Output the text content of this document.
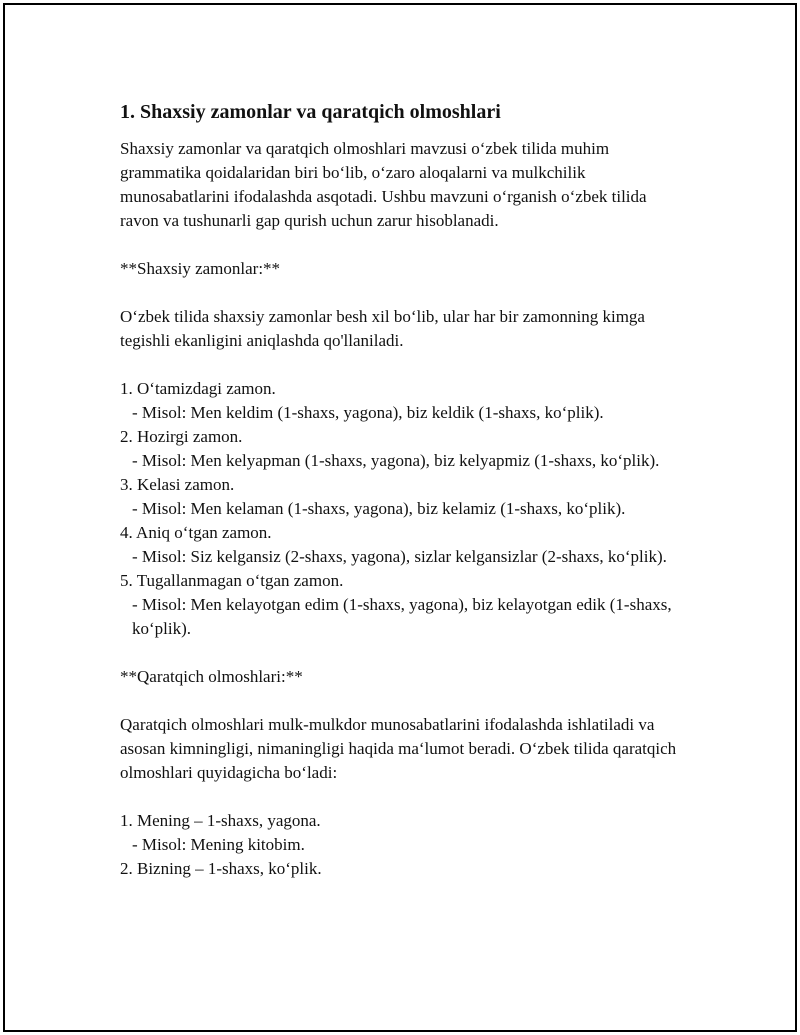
1. Shaxsiy zamonlar va qaratqich olmoshlari

Shaxsiy zamonlar va qaratqich olmoshlari mavzusi o‘zbek tilida muhim grammatika qoidalaridan biri bo‘lib, o‘zaro aloqalarni va mulkchilik munosabatlarini ifodalashda asqotadi. Ushbu mavzuni o‘rganish o‘zbek tilida ravon va tushunarli gap qurish uchun zarur hisoblanadi.

**Shaxsiy zamonlar:**

O‘zbek tilida shaxsiy zamonlar besh xil bo‘lib, ular har bir zamonning kimga tegishli ekanligini aniqlashda qo'llaniladi.

1. O‘tamizdagi zamon.
- Misol: Men keldim (1-shaxs, yagona), biz keldik (1-shaxs, ko‘plik).
2. Hozirgi zamon.
- Misol: Men kelyapman (1-shaxs, yagona), biz kelyapmiz (1-shaxs, ko‘plik).
3. Kelasi zamon.
- Misol: Men kelaman (1-shaxs, yagona), biz kelamiz (1-shaxs, ko‘plik).
4. Aniq o‘tgan zamon.
- Misol: Siz kelgansiz (2-shaxs, yagona), sizlar kelgansizlar (2-shaxs, ko‘plik).
5. Tugallanmagan o‘tgan zamon.
- Misol: Men kelayotgan edim (1-shaxs, yagona), biz kelayotgan edik (1-shaxs, ko‘plik).

**Qaratqich olmoshlari:**

Qaratqich olmoshlari mulk-mulkdor munosabatlarini ifodalashda ishlatiladi va asosan kimningligi, nimaningligi haqida ma‘lumot beradi. O‘zbek tilida qaratqich olmoshlari quyidagicha bo‘ladi:

1. Mening – 1-shaxs, yagona.
- Misol: Mening kitobim.
2. Bizning – 1-shaxs, ko‘plik.
